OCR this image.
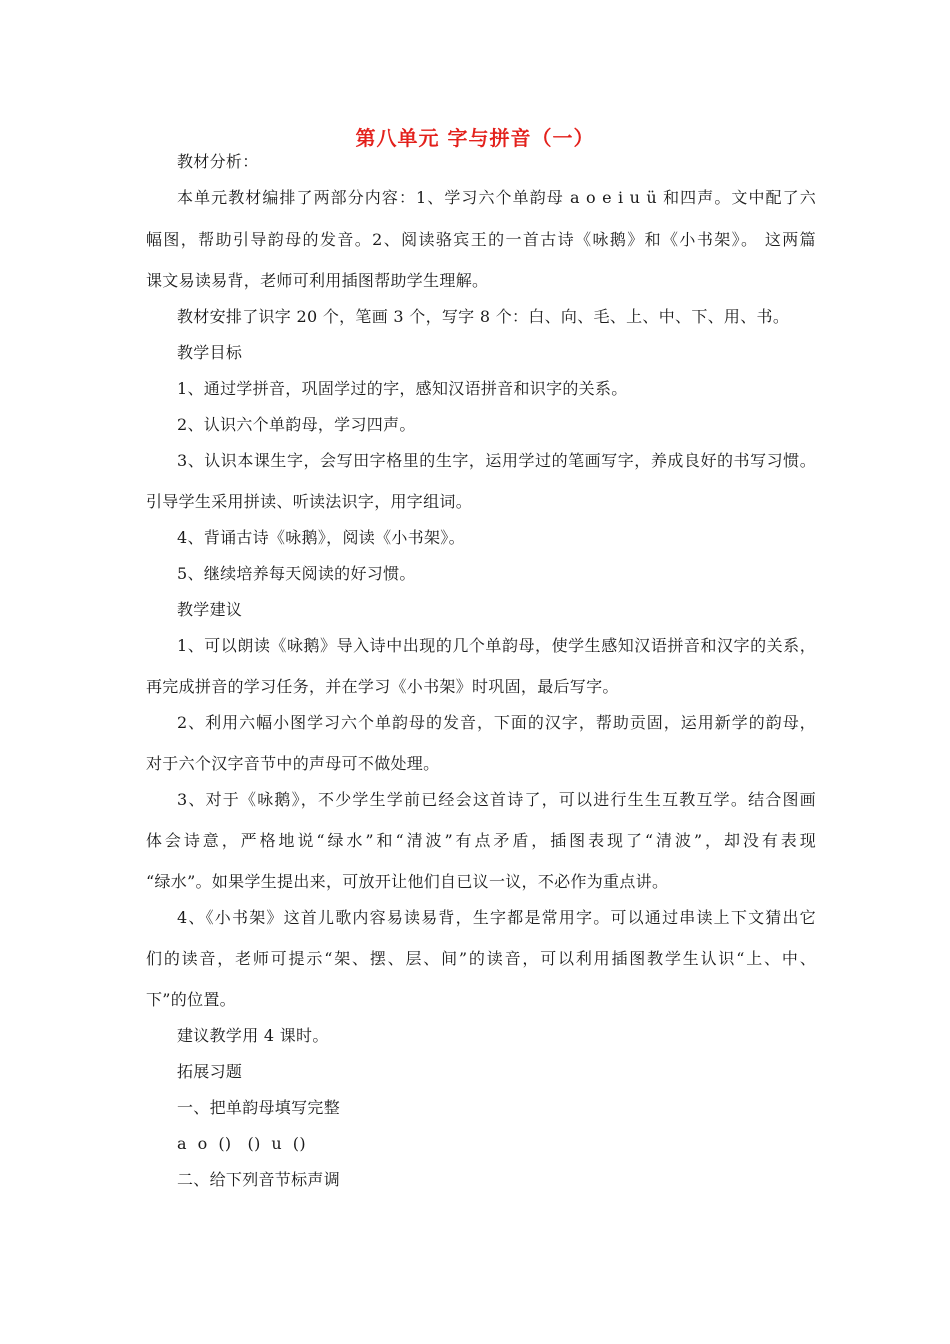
第八单元 字与拼音（一）
教材分析：
本单元教材编排了两部分内容：1、学习六个单韵母 a o e i u ü 和四声。文中配了六
幅图，帮助引导韵母的发音。2、阅读骆宾王的一首古诗《咏鹅》和《小书架》。 这两篇
课文易读易背，老师可利用插图帮助学生理解。
教材安排了识字 20 个，笔画 3 个，写字 8 个：白、向、毛、上、中、下、用、书。
教学目标
1、通过学拼音，巩固学过的字，感知汉语拼音和识字的关系。
2、认识六个单韵母，学习四声。
3、认识本课生字，会写田字格里的生字，运用学过的笔画写字，养成良好的书写习惯。
引导学生采用拼读、听读法识字，用字组词。
4、背诵古诗《咏鹅》，阅读《小书架》。
5、继续培养每天阅读的好习惯。
教学建议
1、可以朗读《咏鹅》导入诗中出现的几个单韵母，使学生感知汉语拼音和汉字的关系，
再完成拼音的学习任务，并在学习《小书架》时巩固，最后写字。
2、利用六幅小图学习六个单韵母的发音，下面的汉字，帮助贡固，运用新学的韵母，
对于六个汉字音节中的声母可不做处理。
3、对于《咏鹅》，不少学生学前已经会这首诗了，可以进行生生互教互学。结合图画
体会诗意，严格地说“绿水”和“清波”有点矛盾，插图表现了“清波”，却没有表现
“绿水”。如果学生提出来，可放开让他们自已议一议，不必作为重点讲。
4、《小书架》这首儿歌内容易读易背，生字都是常用字。可以通过串读上下文猜出它
们的读音，老师可提示“架、摆、层、间”的读音，可以利用插图教学生认识“上、中、
下”的位置。
建议教学用 4 课时。
拓展习题
一、把单韵母填写完整
a  o  ()   ()  u  ()
二、给下列音节标声调
